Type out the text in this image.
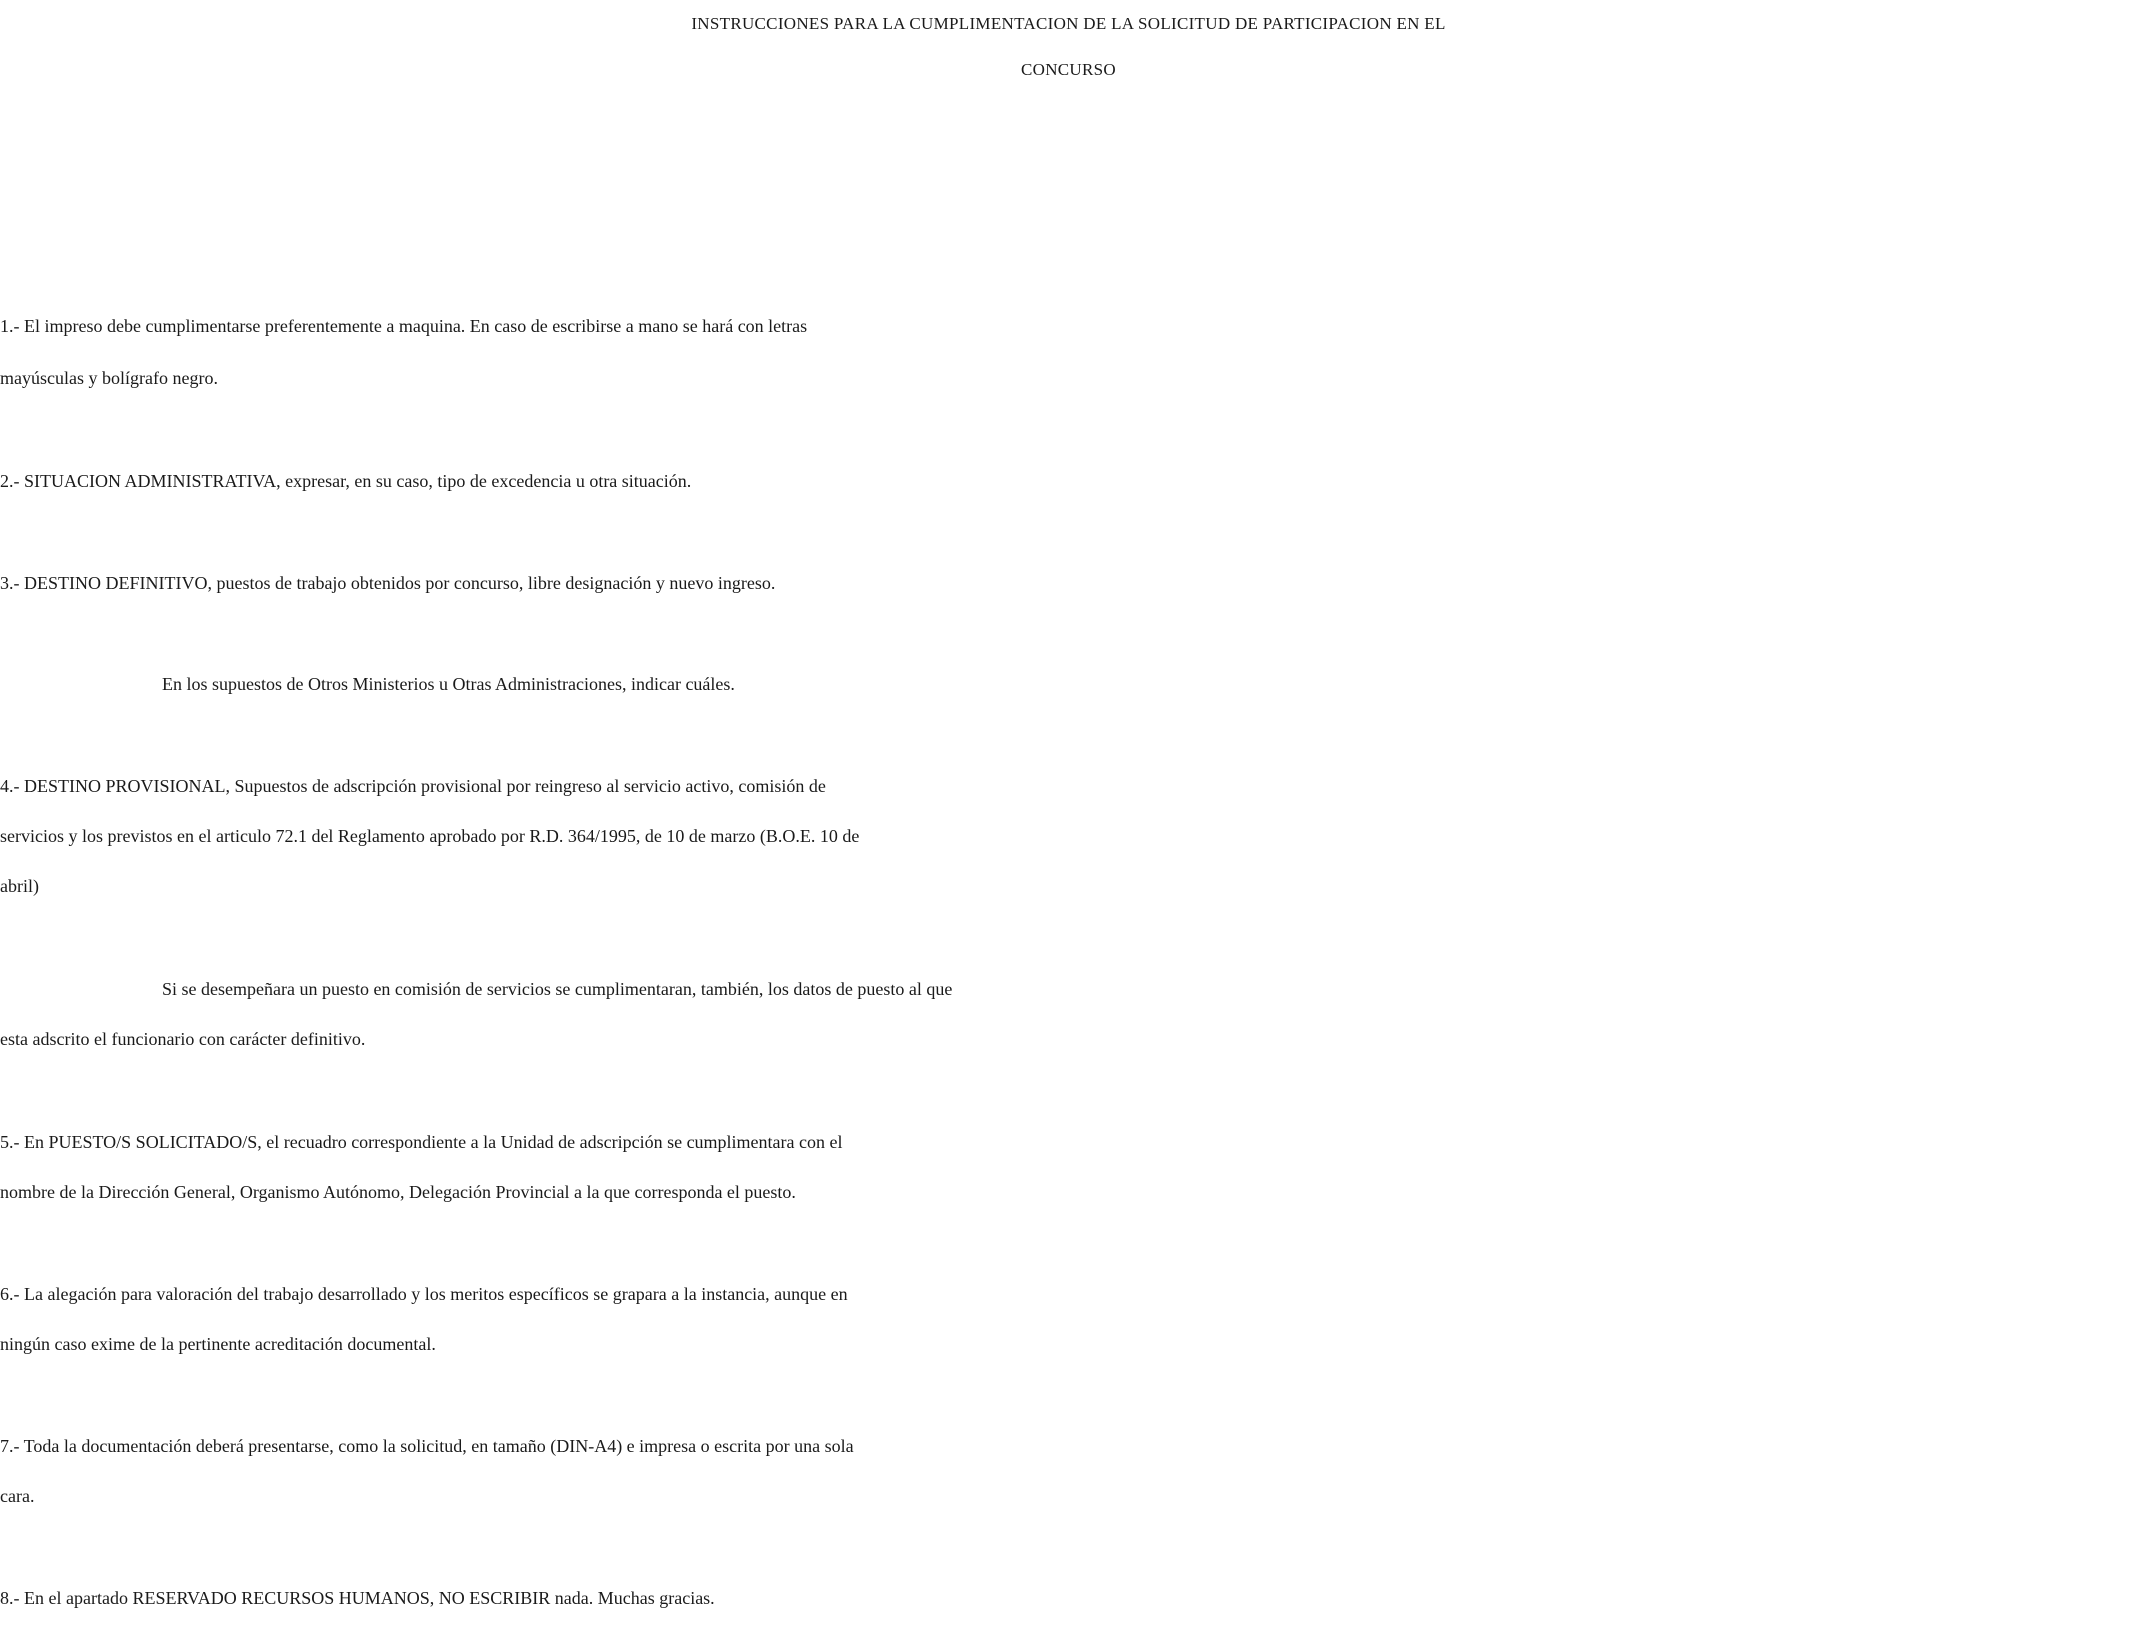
INSTRUCCIONES PARA LA CUMPLIMENTACION DE LA SOLICITUD DE PARTICIPACION EN EL
CONCURSO
1.- El impreso debe cumplimentarse preferentemente a maquina. En caso de escribirse a mano se hará con letras
mayúsculas y bolígrafo negro.
2.- SITUACION ADMINISTRATIVA, expresar, en su caso, tipo de excedencia u otra situación.
3.- DESTINO DEFINITIVO, puestos de trabajo obtenidos por concurso, libre designación y nuevo ingreso.
En los supuestos de Otros Ministerios u Otras Administraciones, indicar cuáles.
4.- DESTINO PROVISIONAL, Supuestos de adscripción provisional por reingreso al servicio activo, comisión de
servicios y los previstos en el articulo 72.1 del Reglamento aprobado por R.D. 364/1995, de 10 de marzo (B.O.E. 10 de
abril)
Si se desempeñara un puesto en comisión de servicios se cumplimentaran, también, los datos de puesto al que
esta adscrito el funcionario con carácter definitivo.
5.- En PUESTO/S SOLICITADO/S, el recuadro correspondiente a la Unidad de adscripción se cumplimentara con el
nombre de la Dirección General, Organismo Autónomo, Delegación Provincial a la que corresponda el puesto.
6.- La alegación para valoración del trabajo desarrollado y los meritos específicos se grapara a la instancia, aunque en
ningún caso exime de la pertinente acreditación documental.
7.- Toda la documentación deberá presentarse, como la solicitud, en tamaño (DIN-A4) e impresa o escrita por una sola
cara.
8.- En el apartado RESERVADO RECURSOS HUMANOS, NO ESCRIBIR nada. Muchas gracias.
